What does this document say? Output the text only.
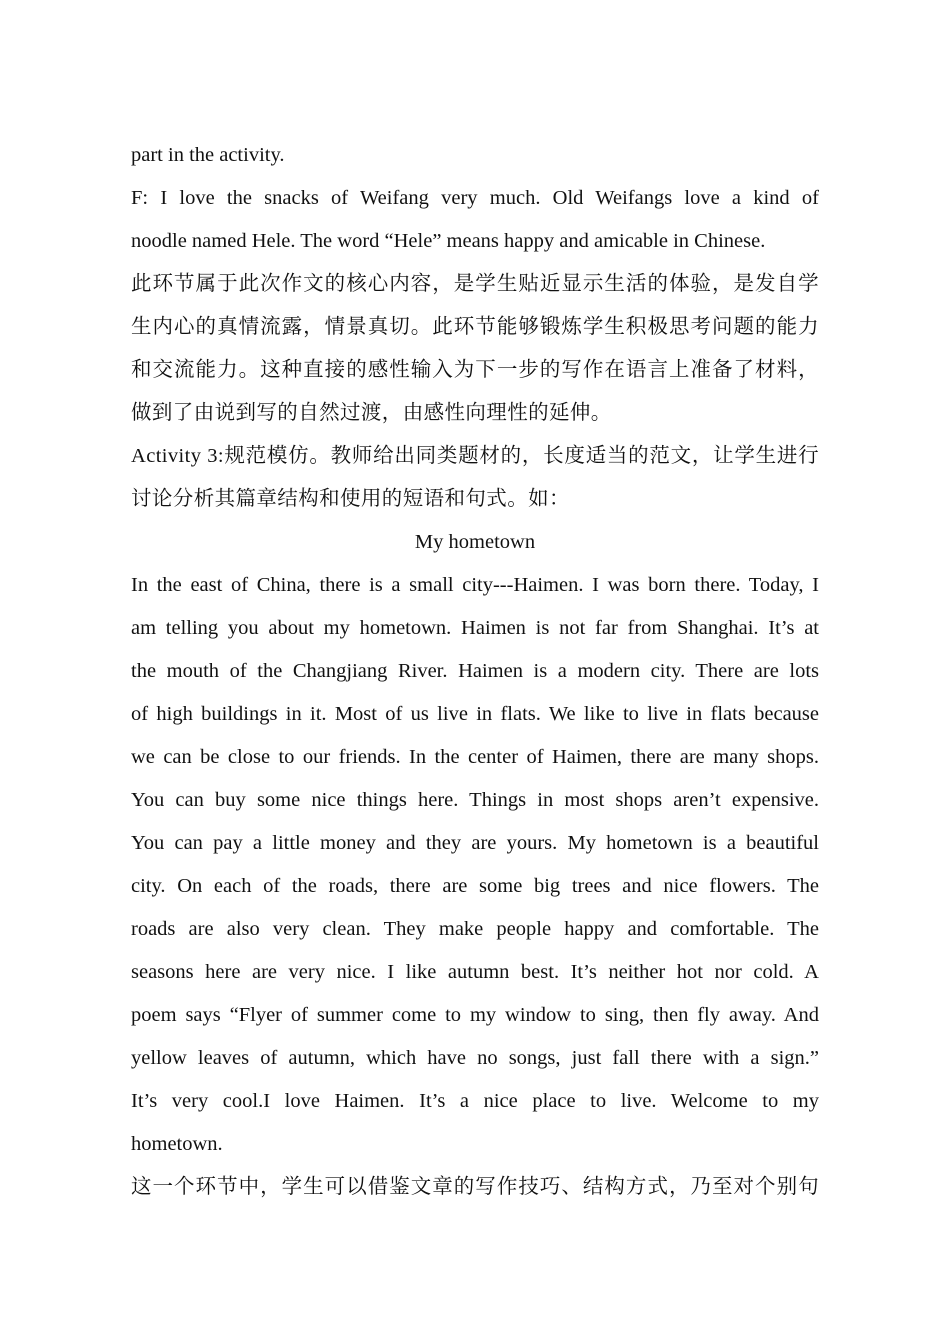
part in the activity.
F: I love the snacks of Weifang very much. Old Weifangs love a kind of
noodle named Hele. The word “Hele” means happy and amicable in Chinese.
此环节属于此次作文的核心内容，是学生贴近显示生活的体验，是发自学
生内心的真情流露，情景真切。此环节能够锻炼学生积极思考问题的能力
和交流能力。这种直接的感性输入为下一步的写作在语言上准备了材料，
做到了由说到写的自然过渡，由感性向理性的延伸。
Activity 3:规范模仿。教师给出同类题材的，长度适当的范文，让学生进行
讨论分析其篇章结构和使用的短语和句式。如：
My hometown
In the east of China, there is a small city---Haimen. I was born there. Today, I
am telling you about my hometown. Haimen is not far from Shanghai. It’s at
the mouth of the Changjiang River. Haimen is a modern city. There are lots
of high buildings in it. Most of us live in flats. We like to live in flats because
we can be close to our friends. In the center of Haimen, there are many shops.
You can buy some nice things here. Things in most shops aren’t expensive.
You can pay a little money and they are yours. My hometown is a beautiful
city. On each of the roads, there are some big trees and nice flowers. The
roads are also very clean. They make people happy and comfortable. The
seasons here are very nice. I like autumn best. It’s neither hot nor cold. A
poem says “Flyer of summer come to my window to sing, then fly away. And
yellow leaves of autumn, which have no songs, just fall there with a sign.”
It’s very cool.I love Haimen. It’s a nice place to live. Welcome to my
hometown.
这一个环节中，学生可以借鉴文章的写作技巧、结构方式，乃至对个别句
